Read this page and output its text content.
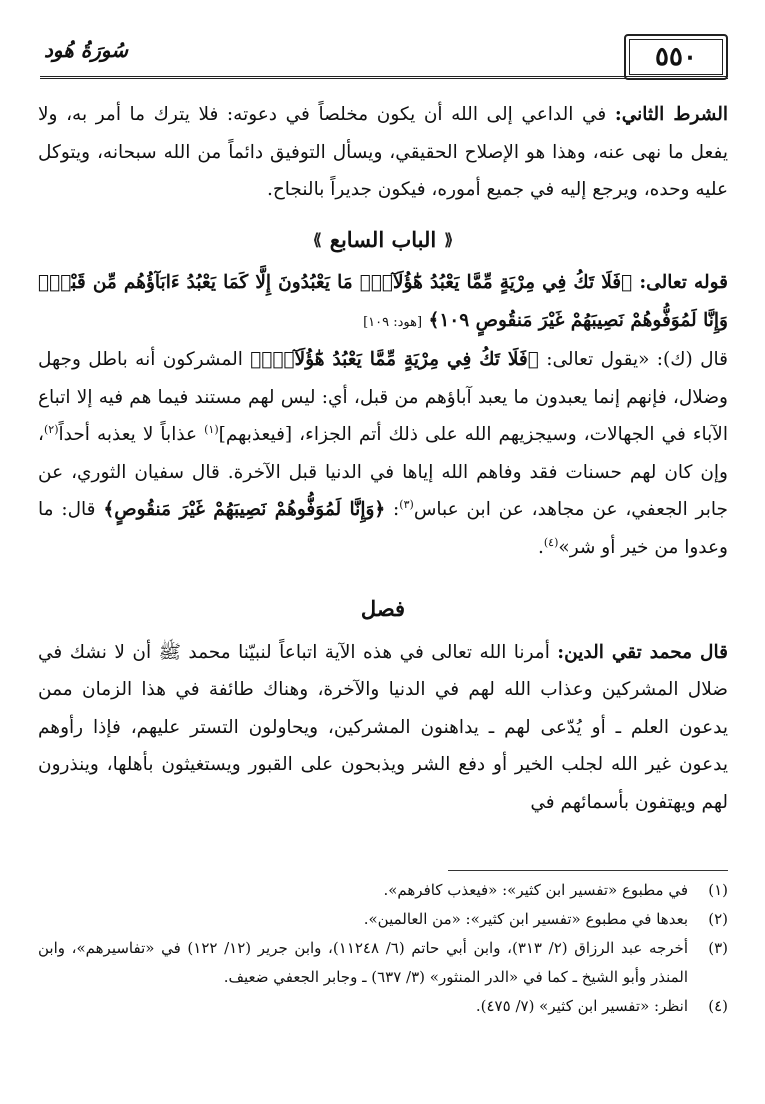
٥٥٠
سُورَةُ هُود

الشرط الثاني: في الداعي إلى الله أن يكون مخلصاً في دعوته: فلا يترك ما أمر به، ولا يفعل ما نهى عنه، وهذا هو الإصلاح الحقيقي، ويسأل التوفيق دائماً من الله سبحانه، ويتوكل عليه وحده، ويرجع إليه في جميع أموره، فيكون جديراً بالنجاح.

⟪
الباب السابع
⟫

قوله تعالى: ﴿فَلَا تَكُ فِي مِرْيَةٍ مِّمَّا يَعْبُدُ هَٰٓؤُلَآءِۚ مَا يَعْبُدُونَ إِلَّا كَمَا يَعْبُدُ ءَابَآؤُهُم مِّن قَبْلُۚ وَإِنَّا لَمُوَفُّوهُمْ نَصِيبَهُمْ غَيْرَ مَنقُوصٍ ١٠٩﴾ [هود: ١٠٩]

قال (ك): «يقول تعالى: ﴿فَلَا تَكُ فِي مِرْيَةٍ مِّمَّا يَعْبُدُ هَٰٓؤُلَآءِۚ﴾ المشركون أنه باطل وجهل وضلال، فإنهم إنما يعبدون ما يعبد آباؤهم من قبل، أي: ليس لهم مستند فيما هم فيه إلا اتباع الآباء في الجهالات، وسيجزيهم الله على ذلك أتم الجزاء، [فيعذبهم]$^{(١)}$ عذاباً لا يعذبه أحداً$^{(٢)}$، وإن كان لهم حسنات فقد وفاهم الله إياها في الدنيا قبل الآخرة. قال سفيان الثوري، عن جابر الجعفي، عن مجاهد، عن ابن عباس$^{(٣)}$: ﴿وَإِنَّا لَمُوَفُّوهُمْ نَصِيبَهُمْ غَيْرَ مَنقُوصٍ﴾ قال: ما وعدوا من خير أو شر»$^{(٤)}$.

فصل

قال محمد تقي الدين: أمرنا الله تعالى في هذه الآية اتباعاً لنبيّنا محمد ﷺ أن لا نشك في ضلال المشركين وعذاب الله لهم في الدنيا والآخرة، وهناك طائفة في هذا الزمان ممن يدعون العلم ـ أو يُدّعى لهم ـ يداهنون المشركين، ويحاولون التستر عليهم، فإذا رأوهم يدعون غير الله لجلب الخير أو دفع الشر ويذبحون على القبور ويستغيثون بأهلها، وينذرون لهم ويهتفون بأسمائهم في

(١)
في مطبوع «تفسير ابن كثير»: «فيعذب كافرهم».
(٢)
بعدها في مطبوع «تفسير ابن كثير»: «من العالمين».
(٣)
أخرجه عبد الرزاق (٢/ ٣١٣)، وابن أبي حاتم (٦/ ١١٢٤٨)، وابن جرير (١٢/ ١٢٢) في «تفاسيرهم»، وابن المنذر وأبو الشيخ ـ كما في «الدر المنثور» (٣/ ٦٣٧) ـ وجابر الجعفي ضعيف.
(٤)
انظر: «تفسير ابن كثير» (٧/ ٤٧٥).
